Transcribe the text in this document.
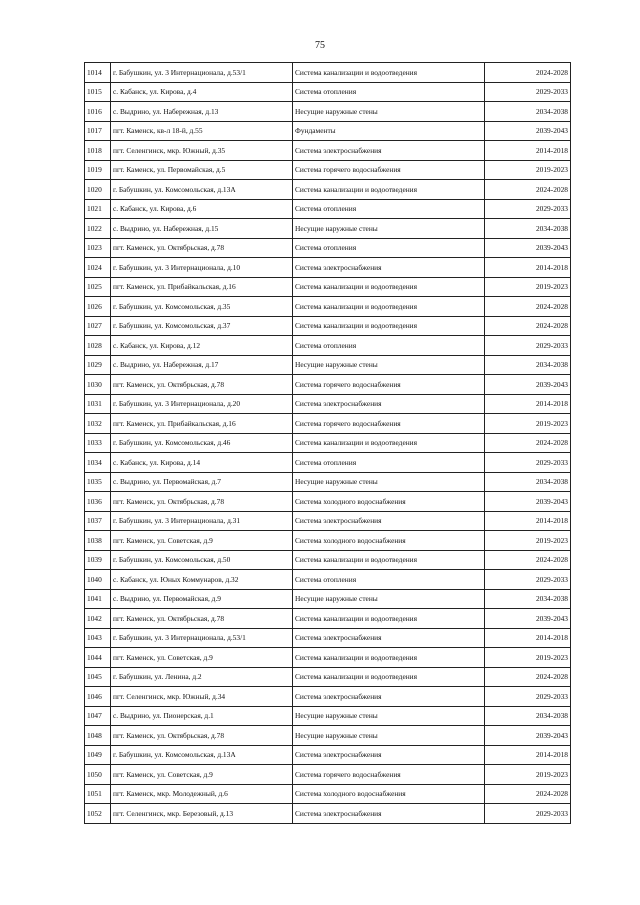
75
1014	г. Бабушкин, ул. 3 Интернационала, д.53/1	Система канализации и водоотведения	2024-2028
1015	с. Кабанск, ул. Кирова, д.4	Система отопления	2029-2033
1016	с. Выдрино, ул. Набережная, д.13	Несущие наружные стены	2034-2038
1017	пгт. Каменск, кв-л 18-й, д.55	Фундаменты	2039-2043
1018	пгт. Селенгинск, мкр. Южный, д.35	Система электроснабжения	2014-2018
1019	пгт. Каменск, ул. Первомайская, д.5	Система горячего водоснабжения	2019-2023
1020	г. Бабушкин, ул. Комсомольская, д.13А	Система канализации и водоотведения	2024-2028
1021	с. Кабанск, ул. Кирова, д.6	Система отопления	2029-2033
1022	с. Выдрино, ул. Набережная, д.15	Несущие наружные стены	2034-2038
1023	пгт. Каменск, ул. Октябрьская, д.78	Система отопления	2039-2043
1024	г. Бабушкин, ул. 3 Интернационала, д.10	Система электроснабжения	2014-2018
1025	пгт. Каменск, ул. Прибайкальская, д.16	Система канализации и водоотведения	2019-2023
1026	г. Бабушкин, ул. Комсомольская, д.35	Система канализации и водоотведения	2024-2028
1027	г. Бабушкин, ул. Комсомольская, д.37	Система канализации и водоотведения	2024-2028
1028	с. Кабанск, ул. Кирова, д.12	Система отопления	2029-2033
1029	с. Выдрино, ул. Набережная, д.17	Несущие наружные стены	2034-2038
1030	пгт. Каменск, ул. Октябрьская, д.78	Система горячего водоснабжения	2039-2043
1031	г. Бабушкин, ул. 3 Интернационала, д.20	Система электроснабжения	2014-2018
1032	пгт. Каменск, ул. Прибайкальская, д.16	Система горячего водоснабжения	2019-2023
1033	г. Бабушкин, ул. Комсомольская, д.46	Система канализации и водоотведения	2024-2028
1034	с. Кабанск, ул. Кирова, д.14	Система отопления	2029-2033
1035	с. Выдрино, ул. Первомайская, д.7	Несущие наружные стены	2034-2038
1036	пгт. Каменск, ул. Октябрьская, д.78	Система холодного водоснабжения	2039-2043
1037	г. Бабушкин, ул. 3 Интернационала, д.31	Система электроснабжения	2014-2018
1038	пгт. Каменск, ул. Советская, д.9	Система холодного водоснабжения	2019-2023
1039	г. Бабушкин, ул. Комсомольская, д.50	Система канализации и водоотведения	2024-2028
1040	с. Кабанск, ул. Юных Коммунаров, д.32	Система отопления	2029-2033
1041	с. Выдрино, ул. Первомайская, д.9	Несущие наружные стены	2034-2038
1042	пгт. Каменск, ул. Октябрьская, д.78	Система канализации и водоотведения	2039-2043
1043	г. Бабушкин, ул. 3 Интернационала, д.53/1	Система электроснабжения	2014-2018
1044	пгт. Каменск, ул. Советская, д.9	Система канализации и водоотведения	2019-2023
1045	г. Бабушкин, ул. Ленина, д.2	Система канализации и водоотведения	2024-2028
1046	пгт. Селенгинск, мкр. Южный, д.34	Система электроснабжения	2029-2033
1047	с. Выдрино, ул. Пионерская, д.1	Несущие наружные стены	2034-2038
1048	пгт. Каменск, ул. Октябрьская, д.78	Несущие наружные стены	2039-2043
1049	г. Бабушкин, ул. Комсомольская, д.13А	Система электроснабжения	2014-2018
1050	пгт. Каменск, ул. Советская, д.9	Система горячего водоснабжения	2019-2023
1051	пгт. Каменск, мкр. Молодежный, д.6	Система холодного водоснабжения	2024-2028
1052	пгт. Селенгинск, мкр. Березовый, д.13	Система электроснабжения	2029-2033
